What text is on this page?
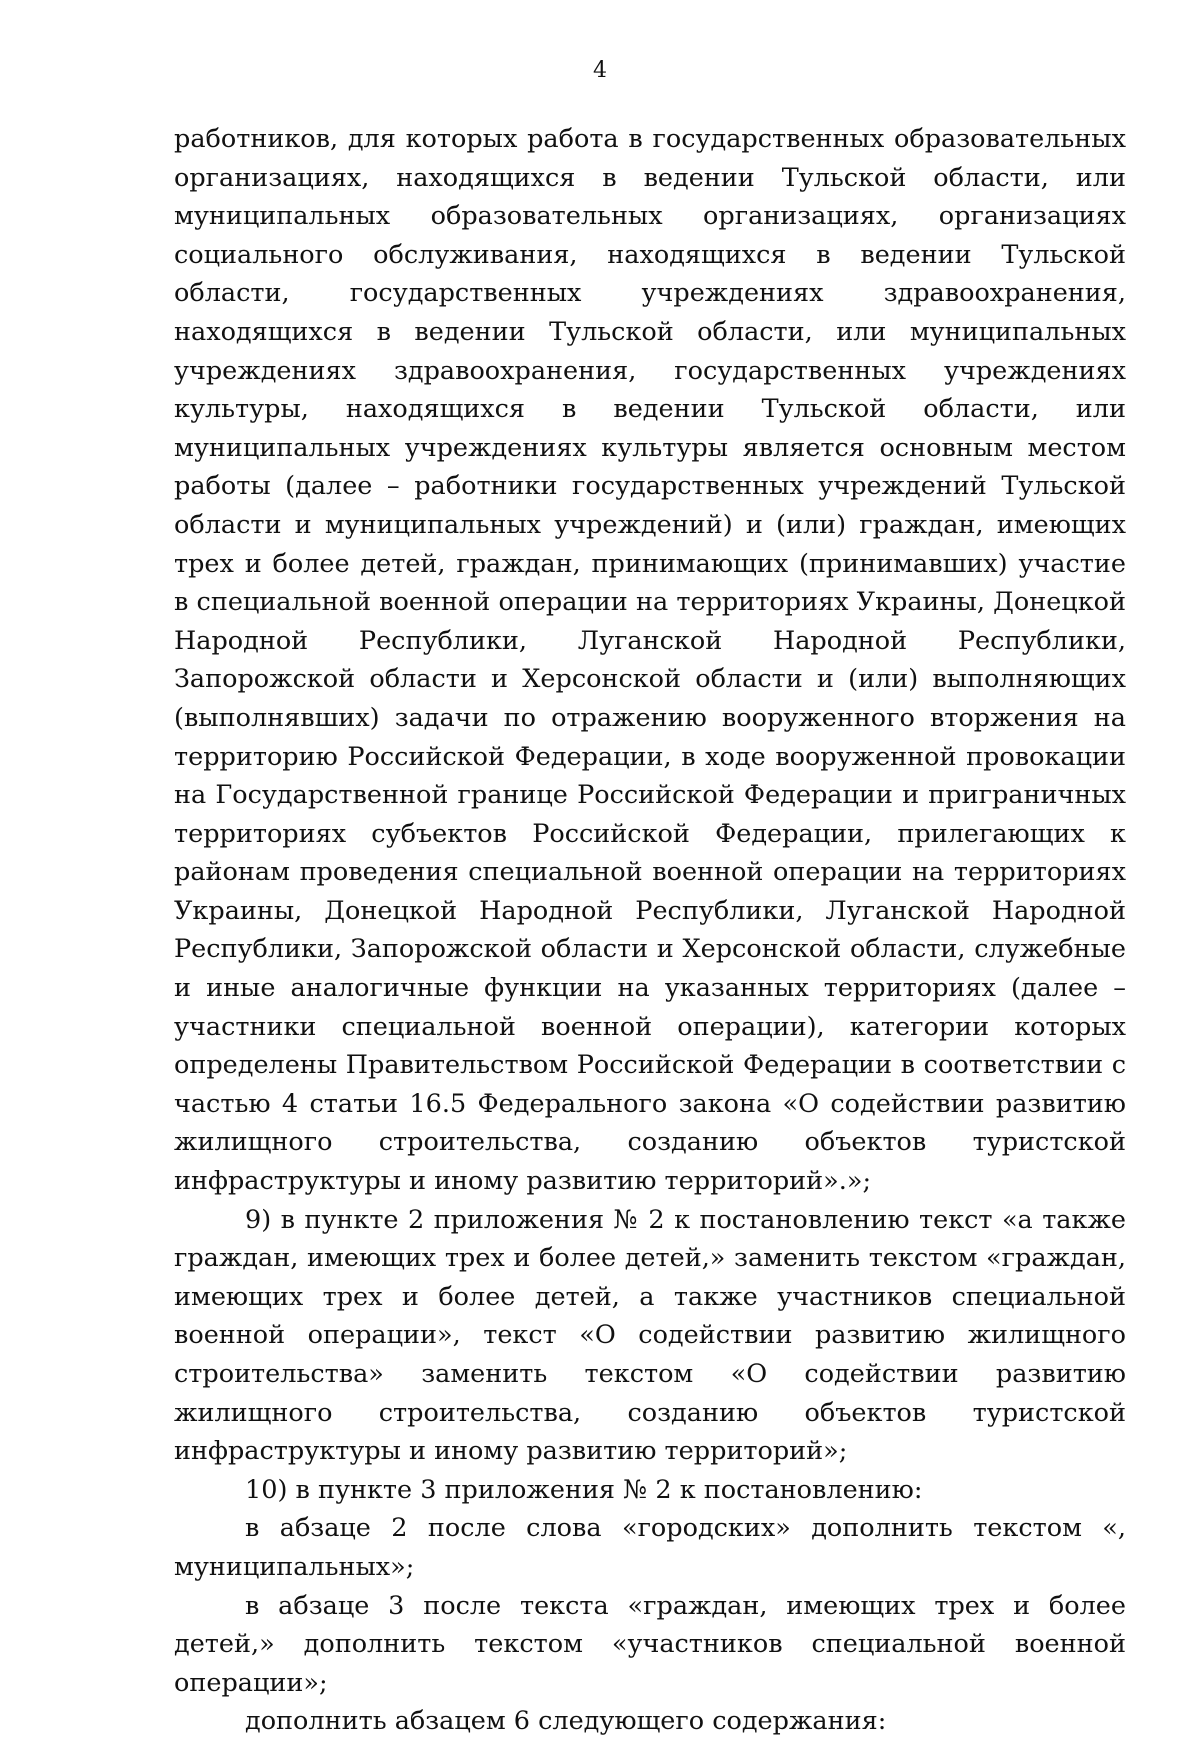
4

работников, для которых работа в государственных образовательных организациях, находящихся в ведении Тульской области, или муниципальных образовательных организациях, организациях социального обслуживания, находящихся в ведении Тульской области, государственных учреждениях здравоохранения, находящихся в ведении Тульской области, или муниципальных учреждениях здравоохранения, государственных учреждениях культуры, находящихся в ведении Тульской области, или муниципальных учреждениях культуры является основным местом работы (далее – работники государственных учреждений Тульской области и муниципальных учреждений) и (или) граждан, имеющих трех и более детей, граждан, принимающих (принимавших) участие в специальной военной операции на территориях Украины, Донецкой Народной Республики, Луганской Народной Республики, Запорожской области и Херсонской области и (или) выполняющих (выполнявших) задачи по отражению вооруженного вторжения на территорию Российской Федерации, в ходе вооруженной провокации на Государственной границе Российской Федерации и приграничных территориях субъектов Российской Федерации, прилегающих к районам проведения специальной военной операции на территориях Украины, Донецкой Народной Республики, Луганской Народной Республики, Запорожской области и Херсонской области, служебные и иные аналогичные функции на указанных территориях (далее – участники специальной военной операции), категории которых определены Правительством Российской Федерации в соответствии с частью 4 статьи 16.5 Федерального закона «О содействии развитию жилищного строительства, созданию объектов туристской инфраструктуры и иному развитию территорий».»;

9) в пункте 2 приложения № 2 к постановлению текст «а также граждан, имеющих трех и более детей,» заменить текстом «граждан, имеющих трех и более детей, а также участников специальной военной операции», текст «О содействии развитию жилищного строительства» заменить текстом «О содействии развитию жилищного строительства, созданию объектов туристской инфраструктуры и иному развитию территорий»;

10) в пункте 3 приложения № 2 к постановлению:

в абзаце 2 после слова «городских» дополнить текстом «, муниципальных»;

в абзаце 3 после текста «граждан, имеющих трех и более детей,» дополнить текстом «участников специальной военной операции»;

дополнить абзацем 6 следующего содержания:
